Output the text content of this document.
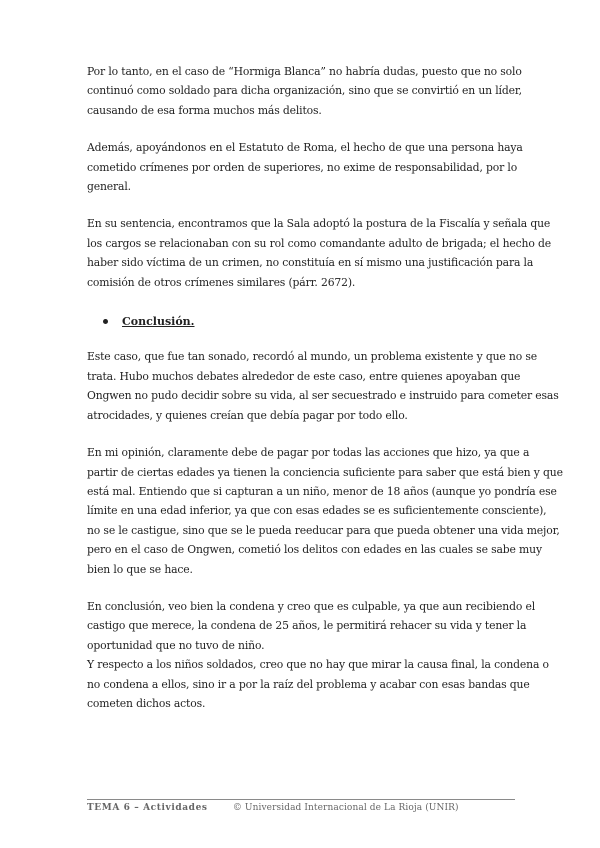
Por lo tanto, en el caso de “Hormiga Blanca” no habría dudas, puesto que no solo
continuó como soldado para dicha organización, sino que se convirtió en un líder,
causando de esa forma muchos más delitos.

Además, apoyándonos en el Estatuto de Roma, el hecho de que una persona haya
cometido crímenes por orden de superiores, no exime de responsabilidad, por lo
general.

En su sentencia, encontramos que la Sala adoptó la postura de la Fiscalía y señala que
los cargos se relacionaban con su rol como comandante adulto de brigada; el hecho de
haber sido víctima de un crimen, no constituía en sí mismo una justificación para la
comisión de otros crímenes similares (párr. 2672).

Conclusión.

Este caso, que fue tan sonado, recordó al mundo, un problema existente y que no se
trata. Hubo muchos debates alrededor de este caso, entre quienes apoyaban que
Ongwen no pudo decidir sobre su vida, al ser secuestrado e instruido para cometer esas
atrocidades, y quienes creían que debía pagar por todo ello.

En mi opinión, claramente debe de pagar por todas las acciones que hizo, ya que a
partir de ciertas edades ya tienen la conciencia suficiente para saber que está bien y que
está mal. Entiendo que si capturan a un niño, menor de 18 años (aunque yo pondría ese
límite en una edad inferior, ya que con esas edades se es suficientemente consciente),
no se le castigue, sino que se le pueda reeducar para que pueda obtener una vida mejor,
pero en el caso de Ongwen, cometió los delitos con edades en las cuales se sabe muy
bien lo que se hace.

En conclusión, veo bien la condena y creo que es culpable, ya que aun recibiendo el
castigo que merece, la condena de 25 años, le permitirá rehacer su vida y tener la
oportunidad que no tuvo de niño.
Y respecto a los niños soldados, creo que no hay que mirar la causa final, la condena o
no condena a ellos, sino ir a por la raíz del problema y acabar con esas bandas que
cometen dichos actos.

TEMA 6 – Actividades	© Universidad Internacional de La Rioja (UNIR)
